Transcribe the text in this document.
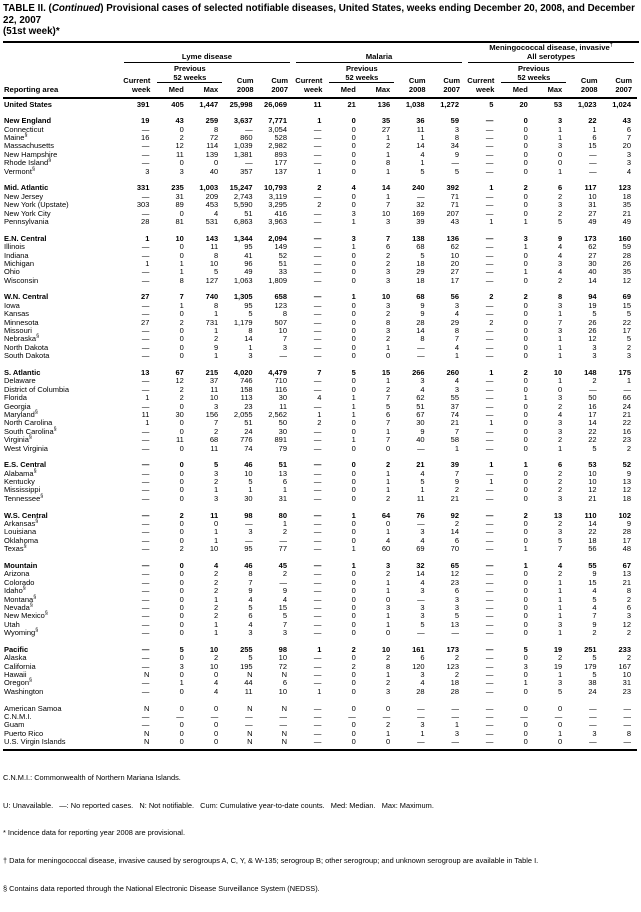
TABLE II. (Continued) Provisional cases of selected notifiable diseases, United States, weeks ending December 20, 2008, and December 22, 2007
(51st week)*
Lyme disease	Malaria
Meningococcal disease, invasive†
All serotypes
Reporting area
Current
week
Previous
52 weeks
Med	Max
Cum
2008
Cum
2007
Current
week
Previous
52 weeks
Med	Max
Cum
2008
Cum
2007
Current
week
Previous
52 weeks
Med	Max
Cum
2008
Cum
2007
United States	391	405	1,447	25,998	26,069	11	21	136	1,038	1,272	5	20	53	1,023	1,024
New England	19	43	259	3,637	7,771	1	0	35	36	59	—	0	3	22	43
Connecticut	—	0	8	—	3,054	—	0	27	11	3	—	0	1	1	6
Maine§	16	2	72	860	528	—	0	1	1	8	—	0	1	6	7
Massachusetts	—	12	114	1,039	2,982	—	0	2	14	34	—	0	3	15	20
New Hampshire	—	11	139	1,381	893	—	0	1	4	9	—	0	0	—	3
Rhode Island§	—	0	0	—	177	—	0	8	1	—	—	0	0	—	3
Vermont§	3	3	40	357	137	1	0	1	5	5	—	0	1	—	4
Mid. Atlantic	331	235	1,003	15,247	10,793	2	4	14	240	392	1	2	6	117	123
New Jersey	—	31	209	2,743	3,119	—	0	1	—	71	—	0	2	10	18
New York (Upstate)	303	89	453	5,590	3,295	2	0	7	32	71	—	0	3	31	35
New York City	—	0	4	51	416	—	3	10	169	207	—	0	2	27	21
Pennsylvania	28	81	531	6,863	3,963	—	1	3	39	43	1	1	5	49	49
E.N. Central	1	10	143	1,344	2,094	—	3	7	138	136	—	3	9	173	160
Illinois	—	0	11	95	149	—	1	6	68	62	—	1	4	62	59
Indiana	—	0	8	41	52	—	0	2	5	10	—	0	4	27	28
Michigan	1	1	10	96	51	—	0	2	18	20	—	0	3	30	26
Ohio	—	1	5	49	33	—	0	3	29	27	—	1	4	40	35
Wisconsin	—	8	127	1,063	1,809	—	0	3	18	17	—	0	2	14	12
W.N. Central	27	7	740	1,305	658	—	1	10	68	56	2	2	8	94	69
Iowa	—	1	8	95	123	—	0	3	9	3	—	0	3	19	15
Kansas	—	0	1	5	8	—	0	2	9	4	—	0	1	5	5
Minnesota	27	2	731	1,179	507	—	0	8	28	29	2	0	7	26	22
Missouri	—	0	1	8	10	—	0	3	14	8	—	0	3	26	17
Nebraska§	—	0	2	14	7	—	0	2	8	7	—	0	1	12	5
North Dakota	—	0	9	1	3	—	0	1	—	4	—	0	1	3	2
South Dakota	—	0	1	3	—	—	0	0	—	1	—	0	1	3	3
S. Atlantic	13	67	215	4,020	4,479	7	5	15	266	260	1	2	10	148	175
Delaware	—	12	37	746	710	—	0	1	3	4	—	0	1	2	1
District of Columbia	—	2	11	158	116	—	0	2	4	3	—	0	0	—	—
Florida	1	2	10	113	30	4	1	7	62	55	—	1	3	50	66
Georgia	—	0	3	23	11	—	1	5	51	37	—	0	2	16	24
Maryland§	11	30	156	2,055	2,562	1	1	6	67	74	—	0	4	17	21
North Carolina	1	0	7	51	50	2	0	7	30	21	1	0	3	14	22
South Carolina§	—	0	2	24	30	—	0	1	9	7	—	0	3	22	16
Virginia§	—	11	68	776	891	—	1	7	40	58	—	0	2	22	23
West Virginia	—	0	11	74	79	—	0	0	—	1	—	0	1	5	2
E.S. Central	—	0	5	46	51	—	0	2	21	39	1	1	6	53	52
Alabama§	—	0	3	10	13	—	0	1	4	7	—	0	2	10	9
Kentucky	—	0	2	5	6	—	0	1	5	9	1	0	2	10	13
Mississippi	—	0	1	1	1	—	0	1	1	2	—	0	2	12	12
Tennessee§	—	0	3	30	31	—	0	2	11	21	—	0	3	21	18
W.S. Central	—	2	11	98	80	—	1	64	76	92	—	2	13	110	102
Arkansas§	—	0	0	—	1	—	0	0	—	2	—	0	2	14	9
Louisiana	—	0	1	3	2	—	0	1	3	14	—	0	3	22	28
Oklahoma	—	0	1	—	—	—	0	4	4	6	—	0	5	18	17
Texas§	—	2	10	95	77	—	1	60	69	70	—	1	7	56	48
Mountain	—	0	4	46	45	—	1	3	32	65	—	1	4	55	67
Arizona	—	0	2	8	2	—	0	2	14	12	—	0	2	9	13
Colorado	—	0	2	7	—	—	0	1	4	23	—	0	1	15	21
Idaho§	—	0	2	9	9	—	0	1	3	6	—	0	1	4	8
Montana§	—	0	1	4	4	—	0	0	—	3	—	0	1	5	2
Nevada§	—	0	2	5	15	—	0	3	3	3	—	0	1	4	6
New Mexico§	—	0	2	6	5	—	0	1	3	5	—	0	1	7	3
Utah	—	0	1	4	7	—	0	1	5	13	—	0	3	9	12
Wyoming§	—	0	1	3	3	—	0	0	—	—	—	0	1	2	2
Pacific	—	5	10	255	98	1	2	10	161	173	—	5	19	251	233
Alaska	—	0	2	5	10	—	0	2	6	2	—	0	2	5	2
California	—	3	10	195	72	—	2	8	120	123	—	3	19	179	167
Hawaii	N	0	0	N	N	—	0	1	3	2	—	0	1	5	10
Oregon§	—	1	4	44	6	—	0	2	4	18	—	1	3	38	31
Washington	—	0	4	11	10	1	0	3	28	28	—	0	5	24	23
American Samoa	N	0	0	N	N	—	0	0	—	—	—	0	0	—	—
C.N.M.I.	—	—	—	—	—	—	—	—	—	—	—	—	—	—	—
Guam	—	0	0	—	—	—	0	2	3	1	—	0	0	—	—
Puerto Rico	N	0	0	N	N	—	0	1	1	3	—	0	1	3	8
U.S. Virgin Islands	N	0	0	N	N	—	0	0	—	—	—	0	0	—	—

C.N.M.I.: Commonwealth of Northern Mariana Islands.

U: Unavailable.   —: No reported cases.   N: Not notifiable.   Cum: Cumulative year-to-date counts.   Med: Median.   Max: Maximum.

* Incidence data for reporting year 2008 are provisional.

† Data for meningococcal disease, invasive caused by serogroups A, C, Y, & W-135; serogroup B; other serogroup; and unknown serogroup are available in Table I.

§ Contains data reported through the National Electronic Disease Surveillance System (NEDSS).
